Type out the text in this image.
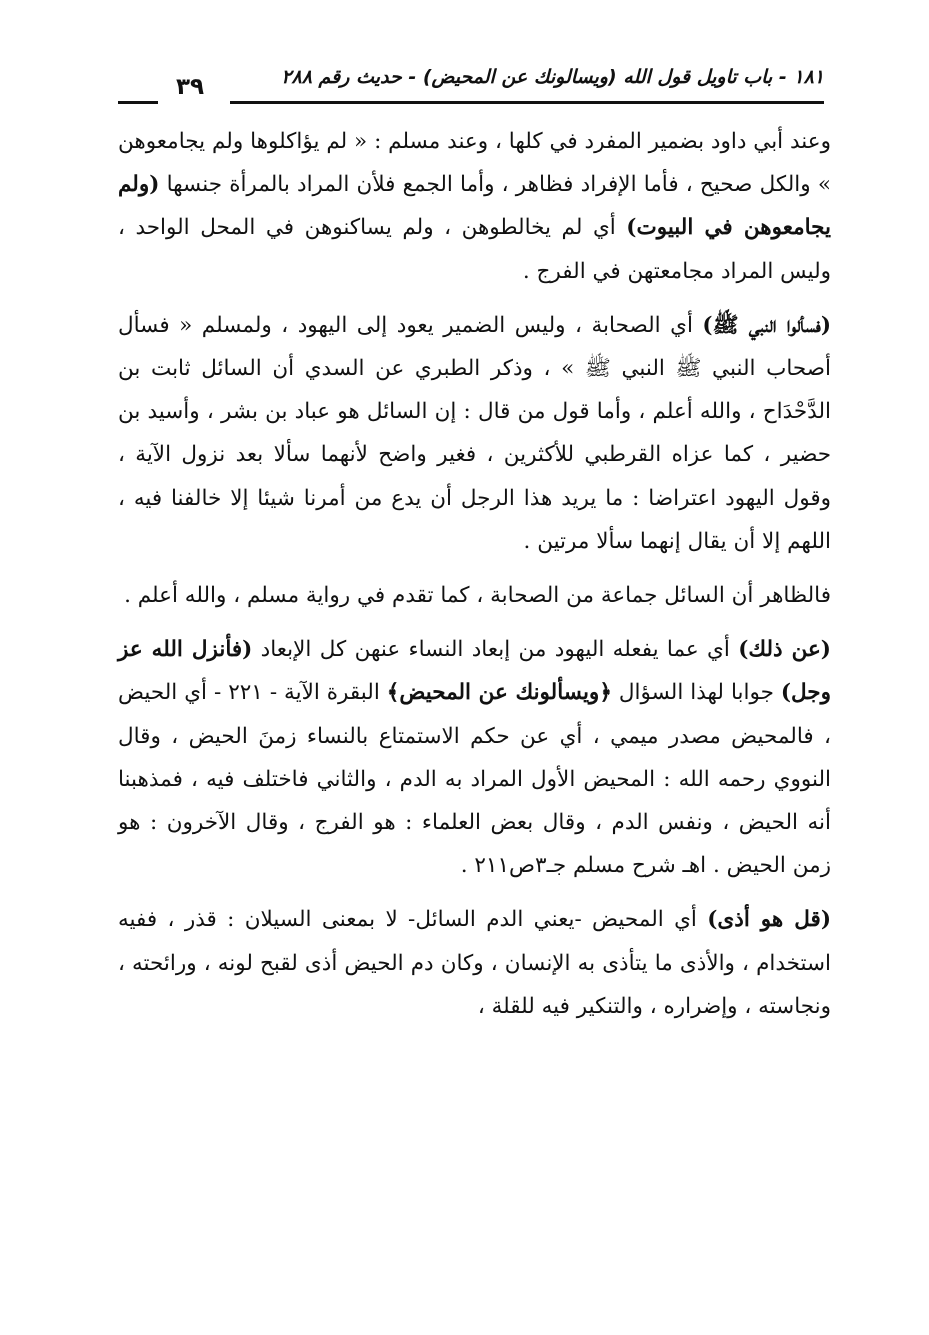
١٨١ - باب تاويل قول الله (ويسالونك عن المحيض) - حديث رقم ٢٨٨
٣٩

وعند أبي داود بضمير المفرد في كلها ، وعند مسلم : « لم يؤاكلوها ولم يجامعوهن » والكل صحيح ، فأما الإفراد فظاهر ، وأما الجمع فلأن المراد بالمرأة جنسها (ولم يجامعوهن في البيوت) أي لم يخالطوهن ، ولم يساكنوهن في المحل الواحد ، وليس المراد مجامعتهن في الفرج .

(فسألوا النبي ﷺ) أي الصحابة ، وليس الضمير يعود إلى اليهود ، ولمسلم « فسأل أصحاب النبي ﷺ النبي ﷺ » ، وذكر الطبري عن السدي أن السائل ثابت بن الدَّحْدَاح ، والله أعلم ، وأما قول من قال : إن السائل هو عباد بن بشر ، وأسيد بن حضير ، كما عزاه القرطبي للأكثرين ، فغير واضح لأنهما سألا بعد نزول الآية ، وقول اليهود اعتراضا : ما يريد هذا الرجل أن يدع من أمرنا شيئا إلا خالفنا فيه ، اللهم إلا أن يقال إنهما سألا مرتين .

فالظاهر أن السائل جماعة من الصحابة ، كما تقدم في رواية مسلم ، والله أعلم .

(عن ذلك) أي عما يفعله اليهود من إبعاد النساء عنهن كل الإبعاد (فأنزل الله عز وجل) جوابا لهذا السؤال ﴿ويسألونك عن المحيض﴾ البقرة الآية - ٢٢١ - أي الحيض ، فالمحيض مصدر ميمي ، أي عن حكم الاستمتاع بالنساء زمنَ الحيض ، وقال النووي رحمه الله : المحيض الأول المراد به الدم ، والثاني فاختلف فيه ، فمذهبنا أنه الحيض ، ونفس الدم ، وقال بعض العلماء : هو الفرج ، وقال الآخرون : هو زمن الحيض . اهـ شرح مسلم جـ٣ص٢١١ .

(قل هو أذى) أي المحيض -يعني الدم السائل- لا بمعنى السيلان : قذر ، ففيه استخدام ، والأذى ما يتأذى به الإنسان ، وكان دم الحيض أذى لقبح لونه ، ورائحته ، ونجاسته ، وإضراره ، والتنكير فيه للقلة ،
